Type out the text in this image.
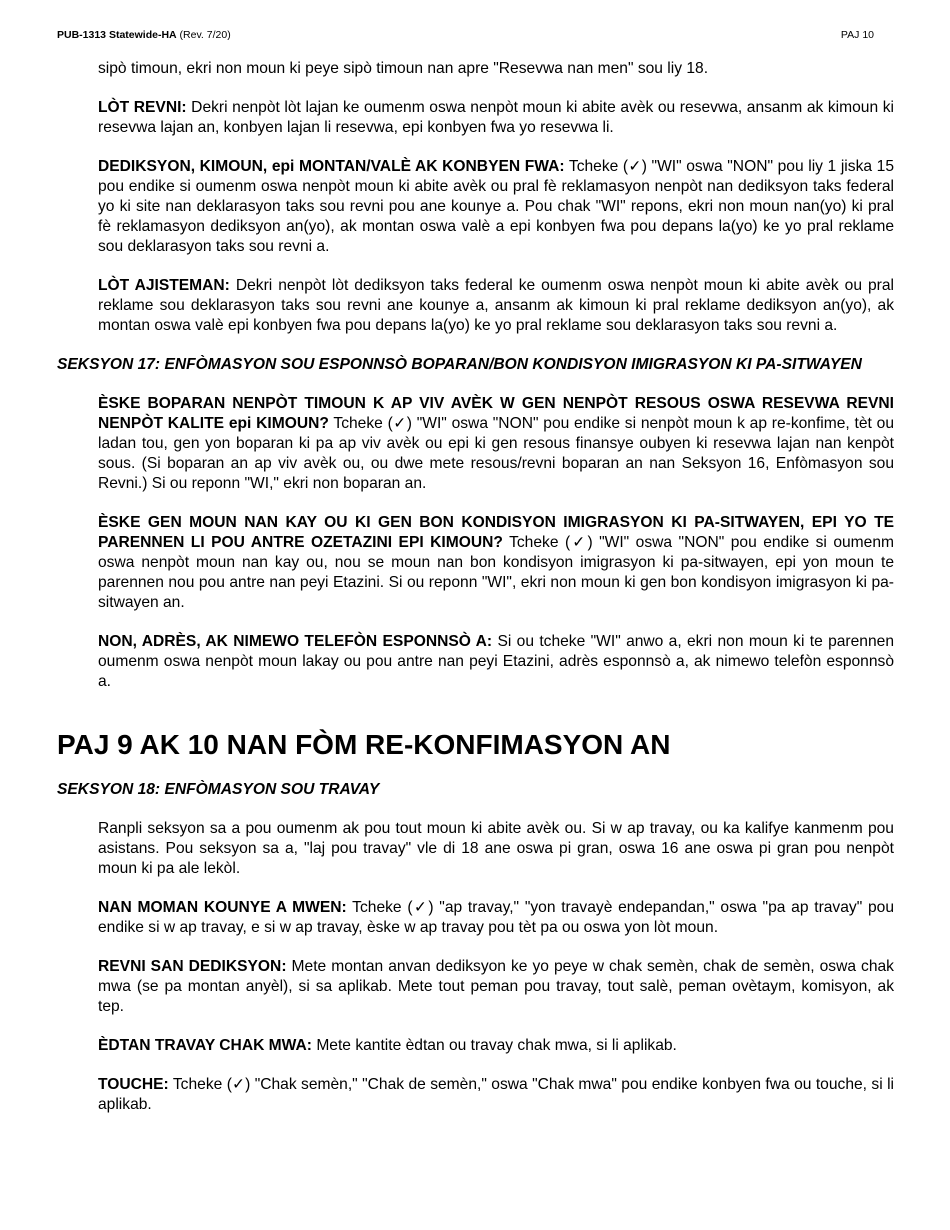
PUB-1313 Statewide-HA (Rev. 7/20)	PAJ 10

sipò timoun, ekri non moun ki peye sipò timoun nan apre "Resevwa nan men" sou liy 18.

LÒT REVNI: Dekri nenpòt lòt lajan ke oumenm oswa nenpòt moun ki abite avèk ou resevwa, ansanm ak kimoun ki resevwa lajan an, konbyen lajan li resevwa, epi konbyen fwa yo resevwa li.

DEDIKSYON, KIMOUN, epi MONTAN/VALÈ AK KONBYEN FWA: Tcheke (✓) "WI" oswa "NON" pou liy 1 jiska 15 pou endike si oumenm oswa nenpòt moun ki abite avèk ou pral fè reklamasyon nenpòt nan dediksyon taks federal yo ki site nan deklarasyon taks sou revni pou ane kounye a. Pou chak "WI" repons, ekri non moun nan(yo) ki pral fè reklamasyon dediksyon an(yo), ak montan oswa valè a epi konbyen fwa pou depans la(yo) ke yo pral reklame sou deklarasyon taks sou revni a.

LÒT AJISTEMAN: Dekri nenpòt lòt dediksyon taks federal ke oumenm oswa nenpòt moun ki abite avèk ou pral reklame sou deklarasyon taks sou revni ane kounye a, ansanm ak kimoun ki pral reklame dediksyon an(yo), ak montan oswa valè epi konbyen fwa pou depans la(yo) ke yo pral reklame sou deklarasyon taks sou revni a.

SEKSYON 17: ENFÒMASYON SOU ESPONNSÒ BOPARAN/BON KONDISYON IMIGRASYON KI PA-SITWAYEN

ÈSKE BOPARAN NENPÒT TIMOUN K AP VIV AVÈK W GEN NENPÒT RESOUS OSWA RESEVWA REVNI NENPÒT KALITE epi KIMOUN? Tcheke (✓) "WI" oswa "NON" pou endike si nenpòt moun k ap re-konfime, tèt ou ladan tou, gen yon boparan ki pa ap viv avèk ou epi ki gen resous finansye oubyen ki resevwa lajan nan kenpòt sous. (Si boparan an ap viv avèk ou, ou dwe mete resous/revni boparan an nan Seksyon 16, Enfòmasyon sou Revni.) Si ou reponn "WI," ekri non boparan an.

ÈSKE GEN MOUN NAN KAY OU KI GEN BON KONDISYON IMIGRASYON KI PA-SITWAYEN, EPI YO TE PARENNEN LI POU ANTRE OZETAZINI EPI KIMOUN? Tcheke (✓) "WI" oswa "NON" pou endike si oumenm oswa nenpòt moun nan kay ou, nou se moun nan bon kondisyon imigrasyon ki pa-sitwayen, epi yon moun te parennen nou pou antre nan peyi Etazini. Si ou reponn "WI", ekri non moun ki gen bon kondisyon imigrasyon ki pa-sitwayen an.

NON, ADRÈS, AK NIMEWO TELEFÒN ESPONNSÒ A: Si ou tcheke "WI" anwo a, ekri non moun ki te parennen oumenm oswa nenpòt moun lakay ou pou antre nan peyi Etazini, adrès esponnsò a, ak nimewo telefòn esponnsò a.

PAJ 9 AK 10 NAN FÒM RE-KONFIMASYON AN
SEKSYON 18: ENFÒMASYON SOU TRAVAY

Ranpli seksyon sa a pou oumenm ak pou tout moun ki abite avèk ou. Si w ap travay, ou ka kalifye kanmenm pou asistans. Pou seksyon sa a, "laj pou travay" vle di 18 ane oswa pi gran, oswa 16 ane oswa pi gran pou nenpòt moun ki pa ale lekòl.

NAN MOMAN KOUNYE A MWEN: Tcheke (✓) "ap travay," "yon travayè endepandan," oswa "pa ap travay" pou endike si w ap travay, e si w ap travay, èske w ap travay pou tèt pa ou oswa yon lòt moun.

REVNI SAN DEDIKSYON: Mete montan anvan dediksyon ke yo peye w chak semèn, chak de semèn, oswa chak mwa (se pa montan anyèl), si sa aplikab. Mete tout peman pou travay, tout salè, peman ovètaym, komisyon, ak tep.

ÈDTAN TRAVAY CHAK MWA: Mete kantite èdtan ou travay chak mwa, si li aplikab.

TOUCHE: Tcheke (✓) "Chak semèn," "Chak de semèn," oswa "Chak mwa" pou endike konbyen fwa ou touche, si li aplikab.
